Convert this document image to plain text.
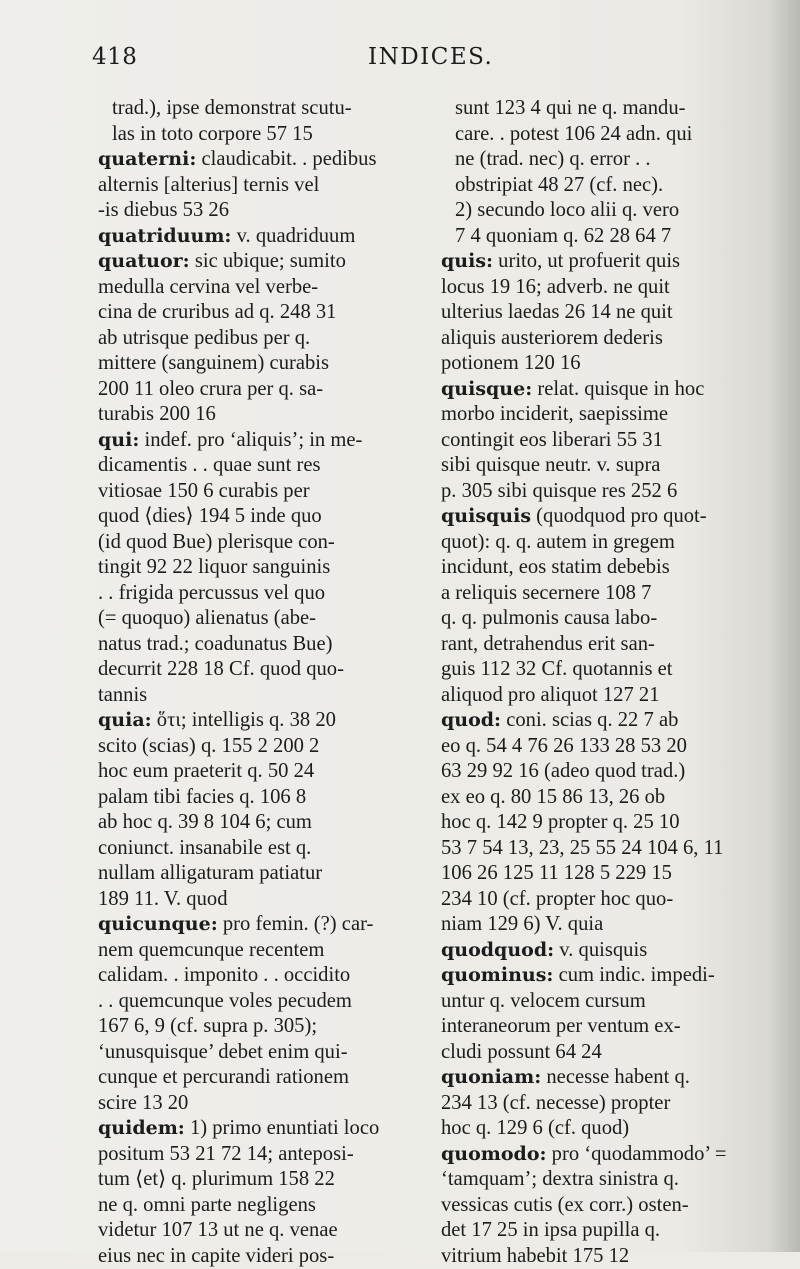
418	INDICES.
trad.), ipse demonstrat scutu-
las in toto corpore 57 15
quaterni: claudicabit. . pedibus
alternis [alterius] ternis vel
-is diebus 53 26
quatriduum: v. quadriduum
quatuor: sic ubique; sumito
medulla cervina vel verbe-
cina de cruribus ad q. 248 31
ab utrisque pedibus per q.
mittere (sanguinem) curabis
200 11 oleo crura per q. sa-
turabis 200 16
qui: indef. pro ‘aliquis’; in me-
dicamentis . . quae sunt res
vitiosae 150 6 curabis per
quod ⟨dies⟩ 194 5 inde quo
(id quod Bue) plerisque con-
tingit 92 22 liquor sanguinis
. . frigida percussus vel quo
(= quoquo) alienatus (abe-
natus trad.; coadunatus Bue)
decurrit 228 18 Cf. quod quo-
tannis
quia: ὅτι; intelligis q. 38 20
scito (scias) q. 155 2 200 2
hoc eum praeterit q. 50 24
palam tibi facies q. 106 8
ab hoc q. 39 8 104 6; cum
coniunct. insanabile est q.
nullam alligaturam patiatur
189 11. V. quod
quicunque: pro femin. (?) car-
nem quemcunque recentem
calidam. . imponito . . occidito
. . quemcunque voles pecudem
167 6, 9 (cf. supra p. 305);
‘unusquisque’ debet enim qui-
cunque et percurandi rationem
scire 13 20
quidem: 1) primo enuntiati loco
positum 53 21 72 14; anteposi-
tum ⟨et⟩ q. plurimum 158 22
ne q. omni parte negligens
videtur 107 13 ut ne q. venae
eius nec in capite videri pos-
sunt 123 4 qui ne q. mandu-
care. . potest 106 24 adn. qui
ne (trad. nec) q. error . .
obstripiat 48 27 (cf. nec).
2) secundo loco alii q. vero
7 4 quoniam q. 62 28 64 7
quis: urito, ut profuerit quis
locus 19 16; adverb. ne quit
ulterius laedas 26 14 ne quit
aliquis austeriorem dederis
potionem 120 16
quisque: relat. quisque in hoc
morbo inciderit, saepissime
contingit eos liberari 55 31
sibi quisque neutr. v. supra
p. 305 sibi quisque res 252 6
quisquis (quodquod pro quot-
quot): q. q. autem in gregem
incidunt, eos statim debebis
a reliquis secernere 108 7
q. q. pulmonis causa labo-
rant, detrahendus erit san-
guis 112 32 Cf. quotannis et
aliquod pro aliquot 127 21
quod: coni. scias q. 22 7 ab
eo q. 54 4 76 26 133 28 53 20
63 29 92 16 (adeo quod trad.)
ex eo q. 80 15 86 13, 26 ob
hoc q. 142 9 propter q. 25 10
53 7 54 13, 23, 25 55 24 104 6, 11
106 26 125 11 128 5 229 15
234 10 (cf. propter hoc quo-
niam 129 6) V. quia
quodquod: v. quisquis
quominus: cum indic. impedi-
untur q. velocem cursum
interaneorum per ventum ex-
cludi possunt 64 24
quoniam: necesse habent q.
234 13 (cf. necesse) propter
hoc q. 129 6 (cf. quod)
quomodo: pro ‘quodammodo’ =
‘tamquam’; dextra sinistra q.
vessicas cutis (ex corr.) osten-
det 17 25 in ipsa pupilla q.
vitrium habebit 175 12
